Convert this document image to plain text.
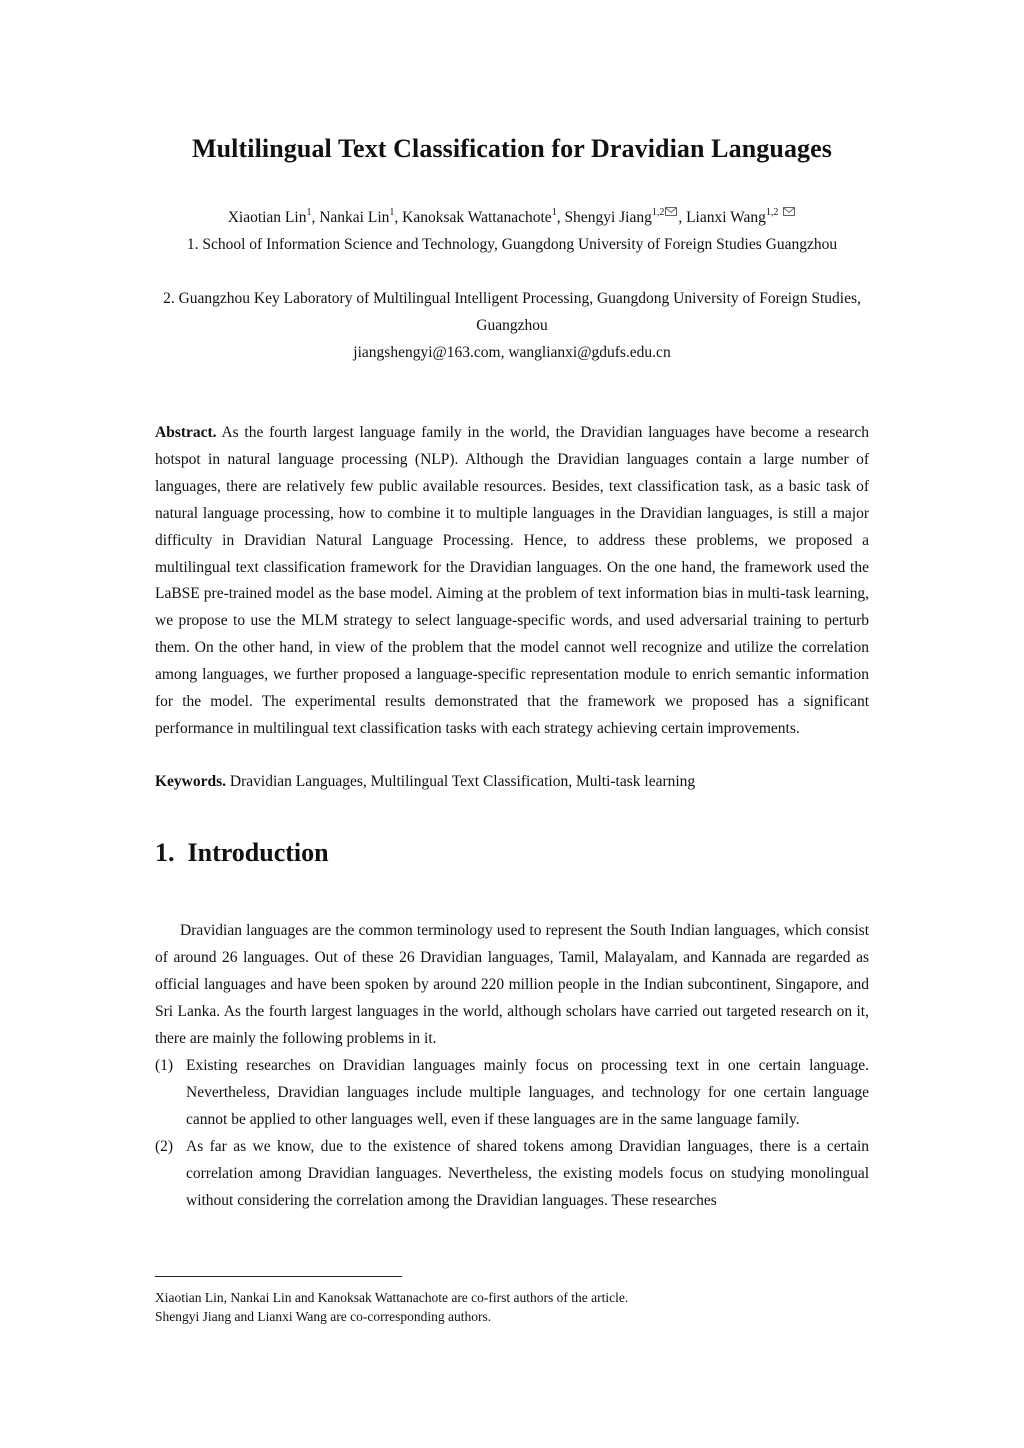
Multilingual Text Classification for Dravidian Languages
Xiaotian Lin$^1$, Nankai Lin$^1$, Kanoksak Wattanachote$^1$, Shengyi Jiang$^{1,2}$ , Lianxi Wang$^{1,2}$
1. School of Information Science and Technology, Guangdong University of Foreign Studies Guangzhou
2. Guangzhou Key Laboratory of Multilingual Intelligent Processing, Guangdong University of Foreign Studies, Guangzhou
jiangshengyi@163.com, wanglianxi@gdufs.edu.cn
Abstract. As the fourth largest language family in the world, the Dravidian languages have become a research hotspot in natural language processing (NLP). Although the Dravidian languages contain a large number of languages, there are relatively few public available resources. Besides, text classification task, as a basic task of natural language processing, how to combine it to multiple languages in the Dravidian languages, is still a major difficulty in Dravidian Natural Language Processing. Hence, to address these problems, we proposed a multilingual text classification framework for the Dravidian languages. On the one hand, the framework used the LaBSE pre-trained model as the base model. Aiming at the problem of text information bias in multi-task learning, we propose to use the MLM strategy to select language-specific words, and used adversarial training to perturb them. On the other hand, in view of the problem that the model cannot well recognize and utilize the correlation among languages, we further proposed a language-specific representation module to enrich semantic information for the model. The experimental results demonstrated that the framework we proposed has a significant performance in multilingual text classification tasks with each strategy achieving certain improvements.
Keywords. Dravidian Languages, Multilingual Text Classification, Multi-task learning
1.  Introduction

Dravidian languages are the common terminology used to represent the South Indian languages, which consist of around 26 languages. Out of these 26 Dravidian languages, Tamil, Malayalam, and Kannada are regarded as official languages and have been spoken by around 220 million people in the Indian subcontinent, Singapore, and Sri Lanka. As the fourth largest languages in the world, although scholars have carried out targeted research on it, there are mainly the following problems in it.

(1) Existing researches on Dravidian languages mainly focus on processing text in one certain language. Nevertheless, Dravidian languages include multiple languages, and technology for one certain language cannot be applied to other languages well, even if these languages are in the same language family.
(2) As far as we know, due to the existence of shared tokens among Dravidian languages, there is a certain correlation among Dravidian languages. Nevertheless, the existing models focus on studying monolingual without considering the correlation among the Dravidian languages. These researches
Xiaotian Lin, Nankai Lin and Kanoksak Wattanachote are co-first authors of the article.
Shengyi Jiang and Lianxi Wang are co-corresponding authors.
